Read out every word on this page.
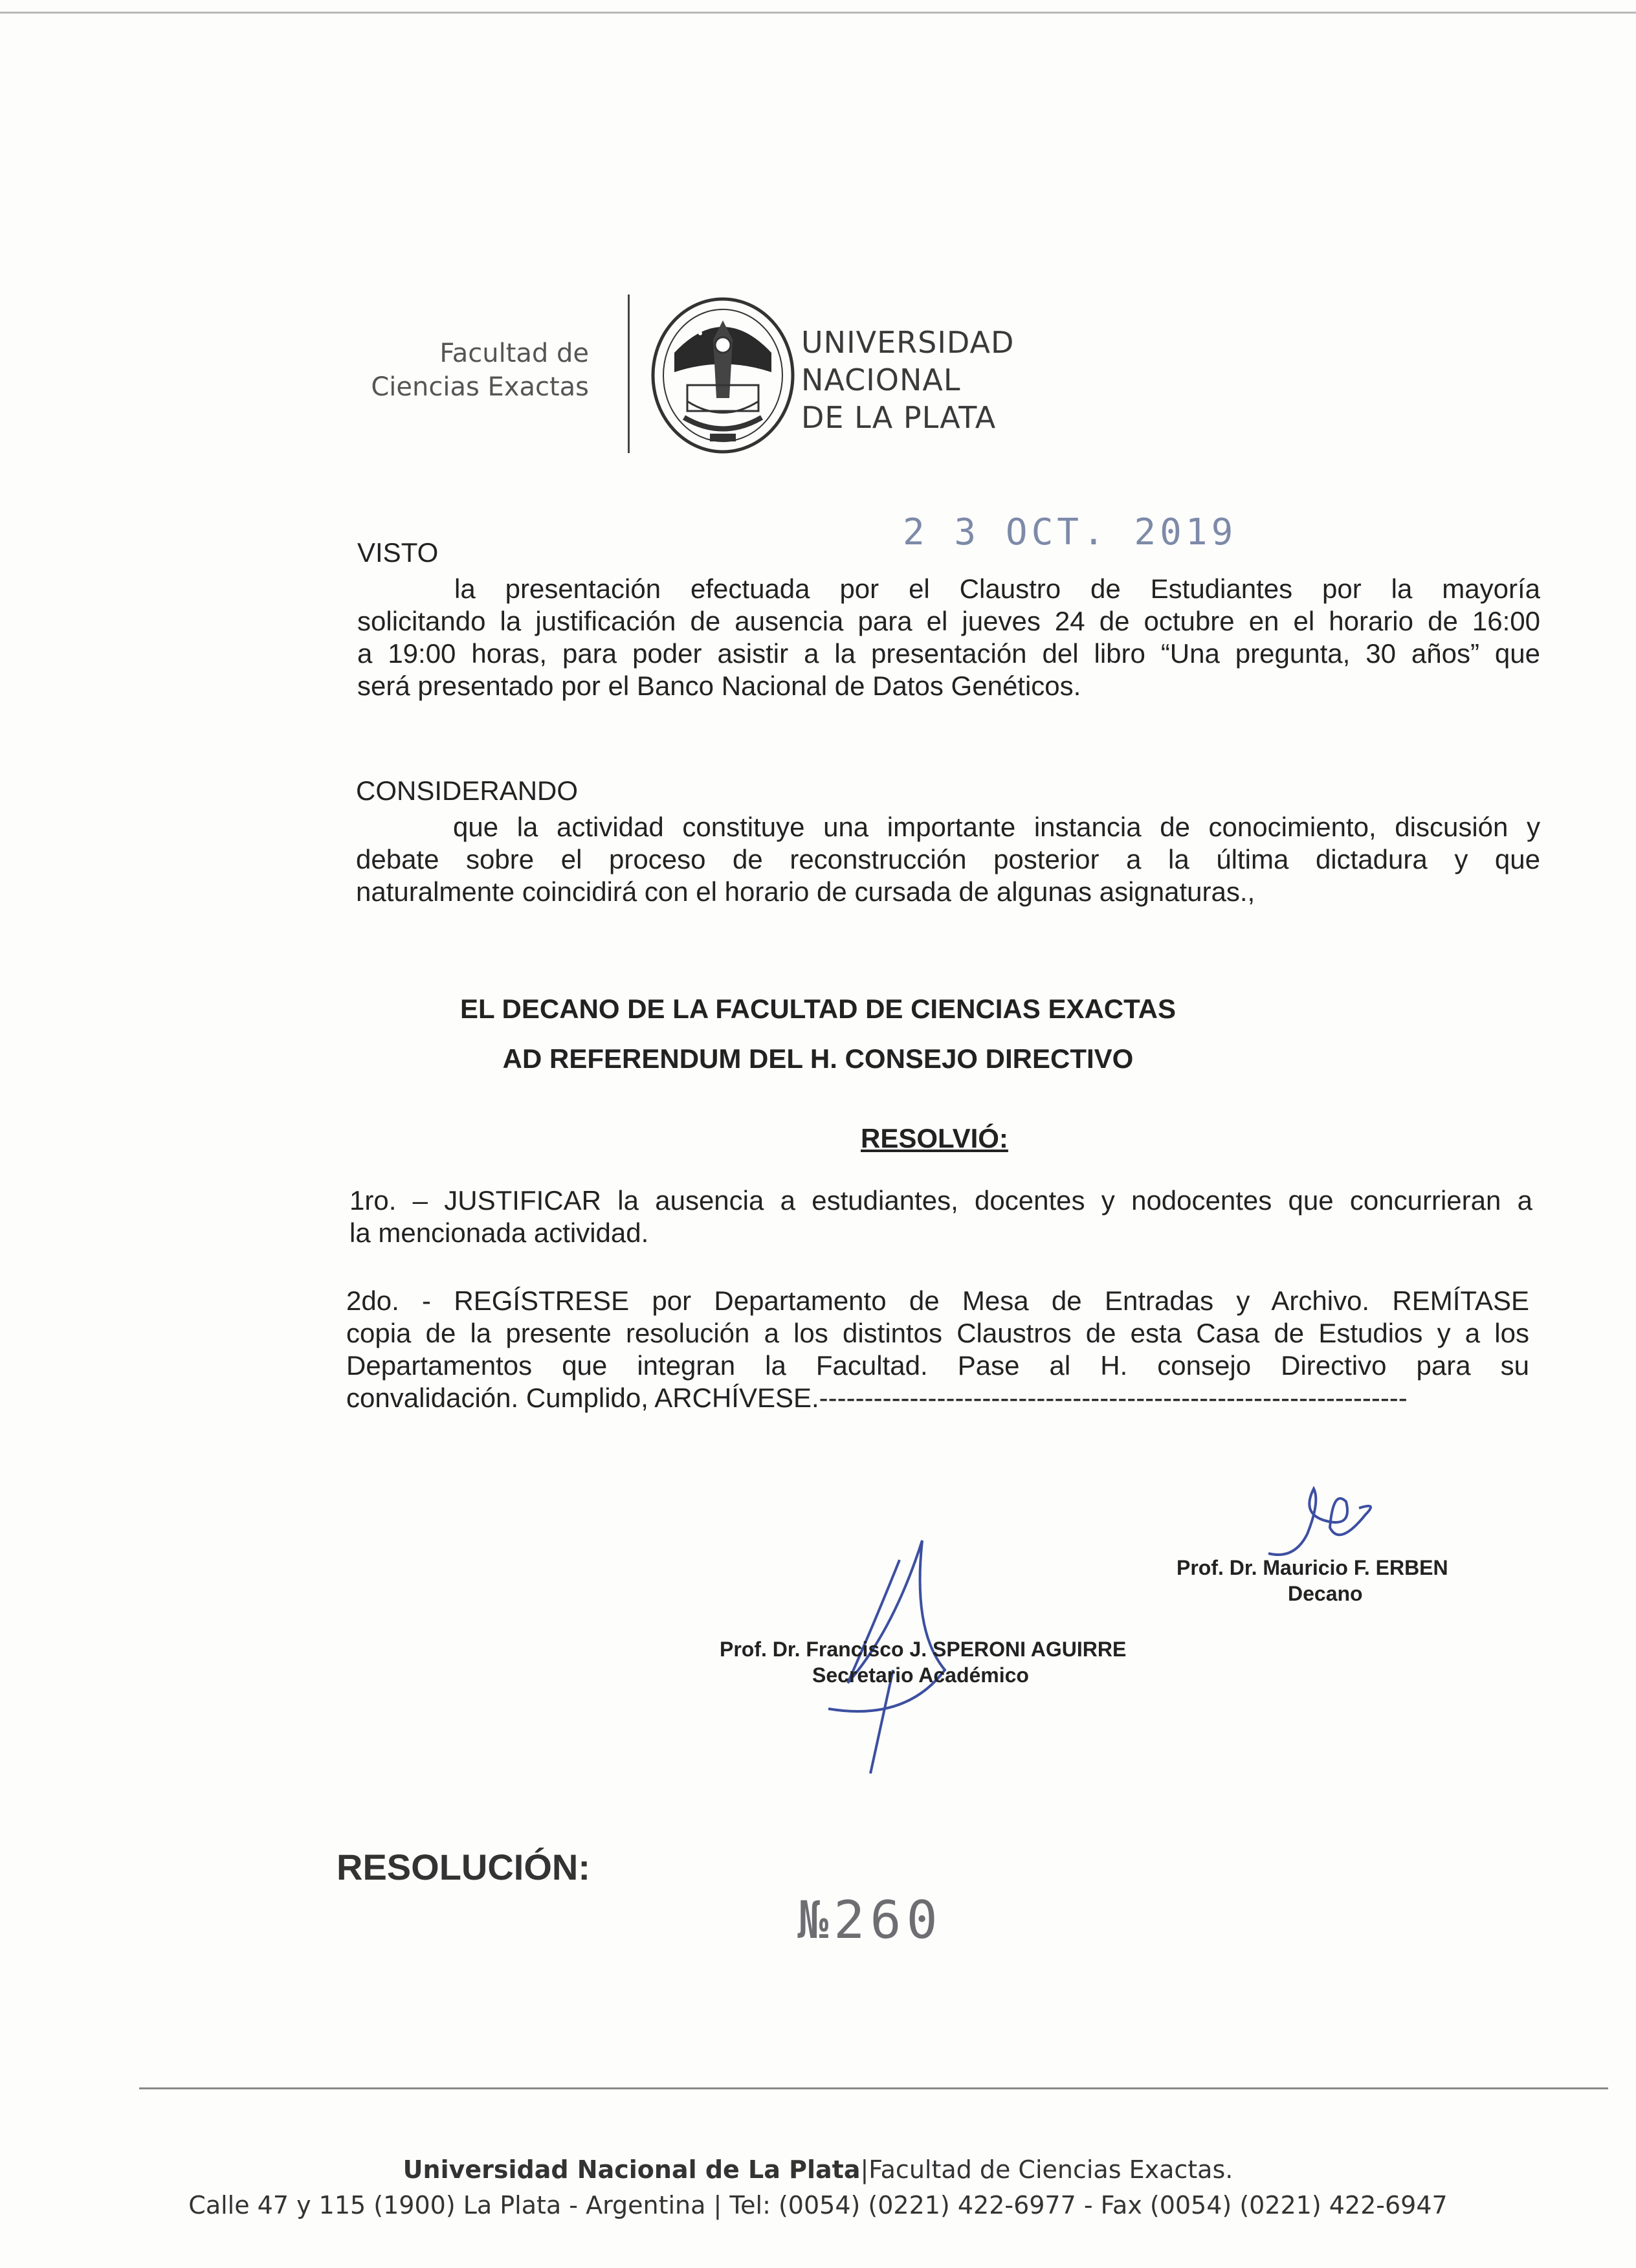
Facultad de
Ciencias Exactas
UNIVERSIDAD
NACIONAL
DE LA PLATA
2 3 OCT. 2019
VISTO
la presentación efectuada por el Claustro de Estudiantes por la mayoría
solicitando la justificación de ausencia para el jueves 24 de octubre en el horario de 16:00
a 19:00 horas, para poder asistir a la presentación del libro “Una pregunta, 30 años” que
será presentado por el Banco Nacional de Datos Genéticos.
CONSIDERANDO
que la actividad constituye una importante instancia de conocimiento, discusión y
debate sobre el proceso de reconstrucción posterior a la última dictadura y que
naturalmente coincidirá con el horario de cursada de algunas asignaturas.,
EL DECANO DE LA FACULTAD DE CIENCIAS EXACTAS
AD REFERENDUM DEL H. CONSEJO DIRECTIVO
RESOLVIÓ:
1ro. – JUSTIFICAR la ausencia a estudiantes, docentes y nodocentes que concurrieran a
la mencionada actividad.
2do. - REGÍSTRESE por Departamento de Mesa de Entradas y Archivo. REMÍTASE
copia de la presente resolución a los distintos Claustros de esta Casa de Estudios y a los
Departamentos que integran la Facultad. Pase al H. consejo Directivo para su
convalidación. Cumplido, ARCHÍVESE.-----------------------------------------------------------------
Prof. Dr. Mauricio F. ERBEN
Decano
Prof. Dr. Francisco J. SPERONI AGUIRRE
Secretario Académico
RESOLUCIÓN:
№260
Universidad Nacional de La Plata|Facultad de Ciencias Exactas.
Calle 47 y 115 (1900) La Plata - Argentina | Tel: (0054) (0221) 422-6977 - Fax (0054) (0221) 422-6947
